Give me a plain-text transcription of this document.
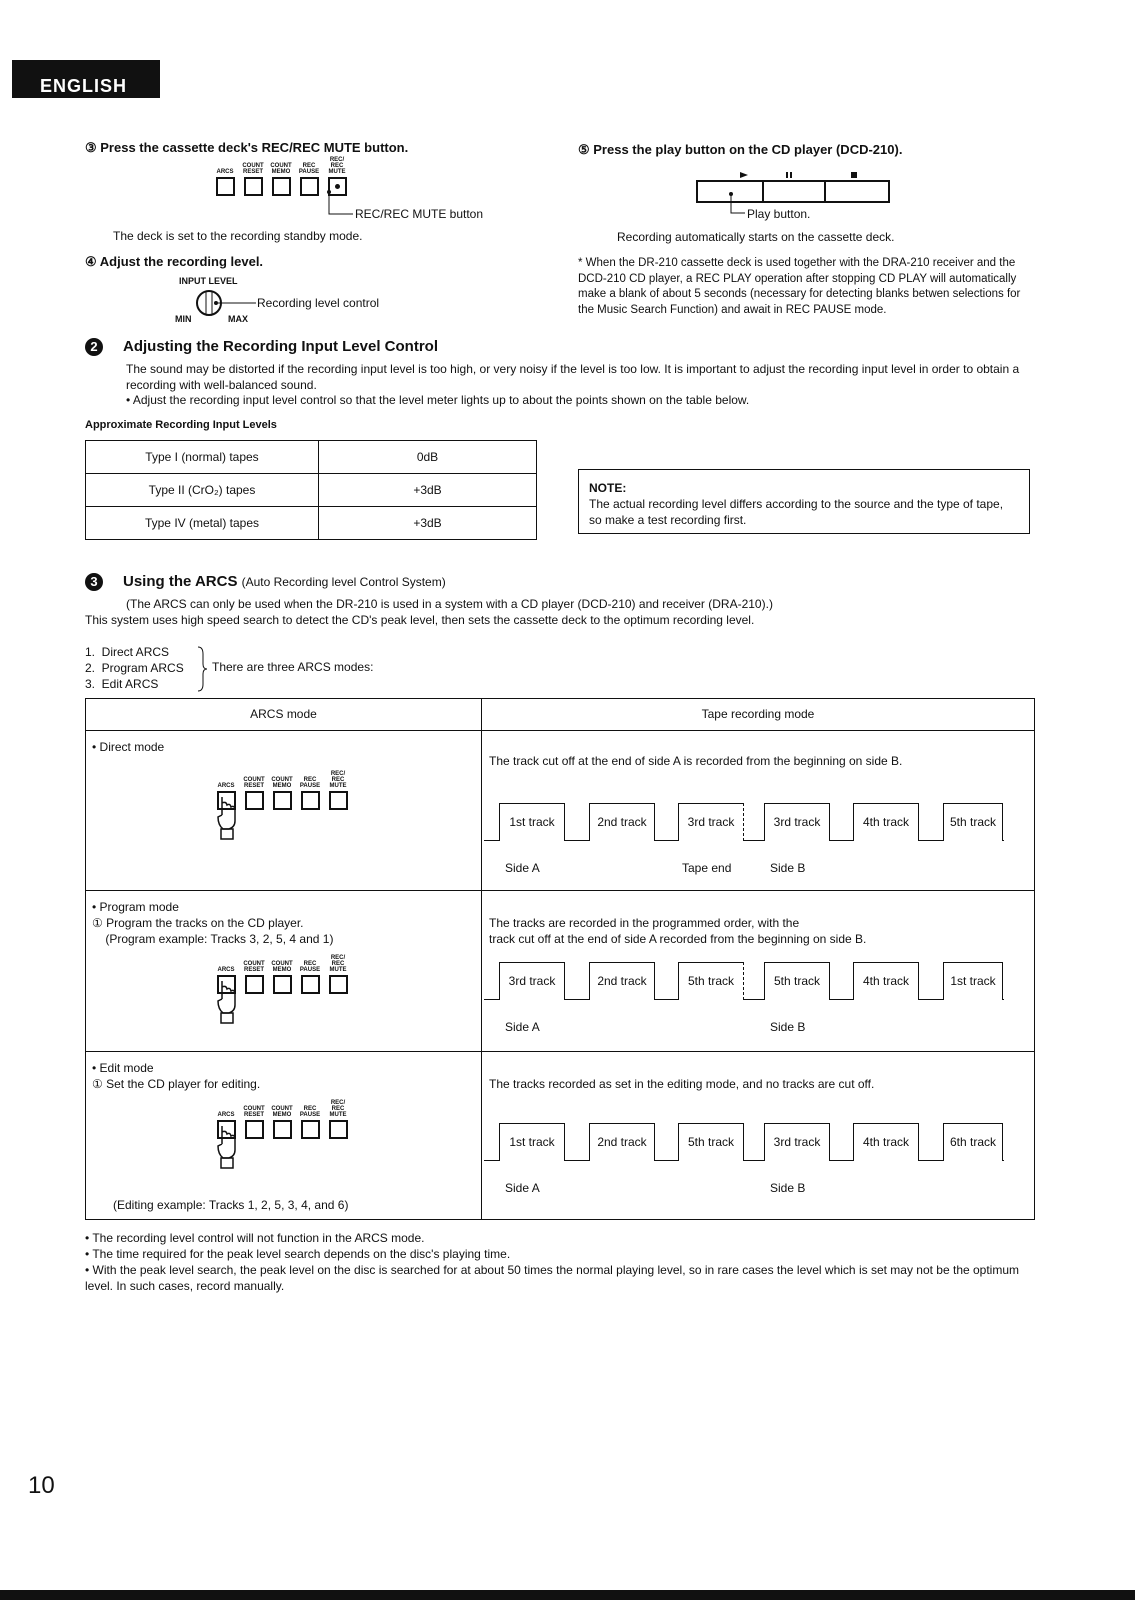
ENGLISH
③ Press the cassette deck's REC/REC MUTE button.
ARCS
COUNT RESET
COUNT MEMO
REC PAUSE
REC/ REC MUTE
REC/REC MUTE button
The deck is set to the recording standby mode.
④ Adjust the recording level.
INPUT LEVEL
MIN	MAX
Recording level control
⑤ Press the play button on the CD player (DCD-210).
Play button.
Recording automatically starts on the cassette deck.
* When the DR-210 cassette deck is used together with the DRA-210 receiver and the DCD-210 CD player, a REC PLAY operation after stopping CD PLAY will automatically make a blank of about 5 seconds (necessary for detecting blanks betwen selections for the Music Search Function) and await in REC PAUSE mode.
2 Adjusting the Recording Input Level Control
The sound may be distorted if the recording input level is too high, or very noisy if the level is too low. It is important to adjust the recording input level in order to obtain a recording with well-balanced sound.
• Adjust the recording input level control so that the level meter lights up to about the points shown on the table below.
Approximate Recording Input Levels
Type I (normal) tapes	0dB
Type II (CrO₂) tapes	+3dB
Type IV (metal) tapes	+3dB
NOTE:
The actual recording level differs according to the source and the type of tape, so make a test recording first.
3 Using the ARCS (Auto Recording level Control System)
(The ARCS can only be used when the DR-210 is used in a system with a CD player (DCD-210) and receiver (DRA-210).)
This system uses high speed search to detect the CD's peak level, then sets the cassette deck to the optimum recording level.
1.  Direct ARCS
2.  Program ARCS
3.  Edit ARCS
There are three ARCS modes:
ARCS mode	Tape recording mode
• Direct mode
ARCS
COUNT RESET
COUNT MEMO
REC PAUSE
REC/ REC MUTE
The track cut off at the end of side A is recorded from the beginning on side B.
1st track	2nd track	3rd track	3rd track	4th track	5th track
Side A	Tape end	Side B
• Program mode
① Program the tracks on the CD player.
(Program example: Tracks 3, 2, 5, 4 and 1)
ARCS
COUNT RESET
COUNT MEMO
REC PAUSE
REC/ REC MUTE
The tracks are recorded in the programmed order, with the
track cut off at the end of side A recorded from the beginning on side B.
3rd track	2nd track	5th track	5th track	4th track	1st track
Side A	Side B
• Edit mode
① Set the CD player for editing.
ARCS
COUNT RESET
COUNT MEMO
REC PAUSE
REC/ REC MUTE
(Editing example: Tracks 1, 2, 5, 3, 4, and 6)
The tracks recorded as set in the editing mode, and no tracks are cut off.
1st track	2nd track	5th track	3rd track	4th track	6th track
Side A	Side B
• The recording level control will not function in the ARCS mode.
• The time required for the peak level search depends on the disc's playing time.
• With the peak level search, the peak level on the disc is searched for at about 50 times the normal playing level, so in rare cases the level which is set may not be the optimum level. In such cases, record manually.
10
